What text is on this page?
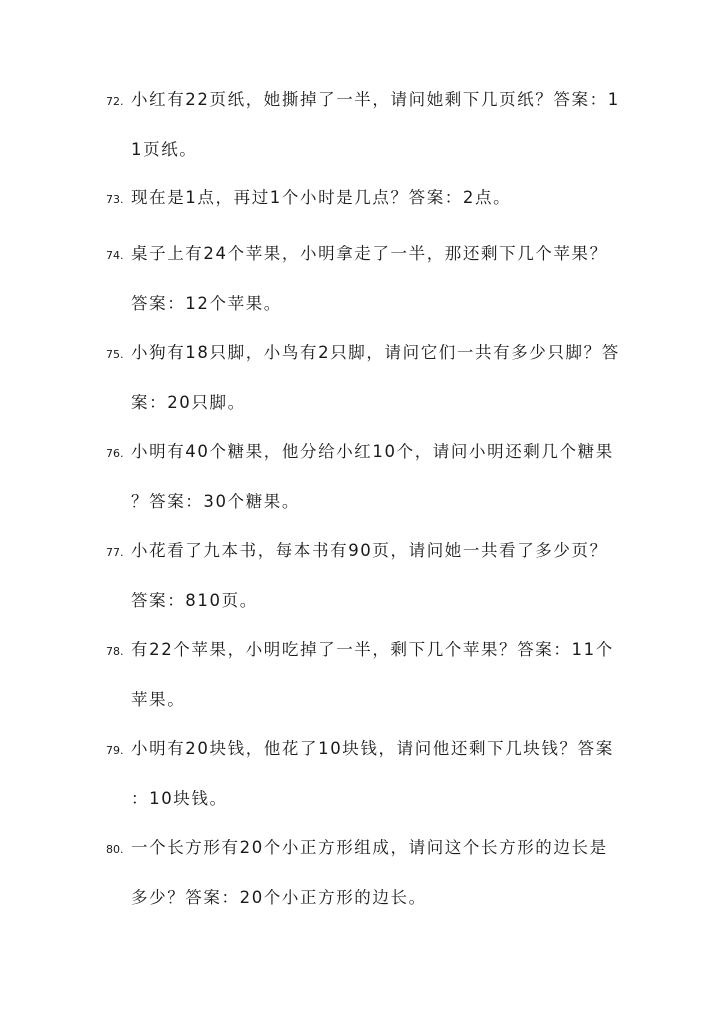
72. 小红有22页纸，她撕掉了一半，请问她剩下几页纸？答案：1
1页纸。
73. 现在是1点，再过1个小时是几点？答案：2点。
74. 桌子上有24个苹果，小明拿走了一半，那还剩下几个苹果？
答案：12个苹果。
75. 小狗有18只脚，小鸟有2只脚，请问它们一共有多少只脚？答
案：20只脚。
76. 小明有40个糖果，他分给小红10个，请问小明还剩几个糖果
？答案：30个糖果。
77. 小花看了九本书，每本书有90页，请问她一共看了多少页？
答案：810页。
78. 有22个苹果，小明吃掉了一半，剩下几个苹果？答案：11个
苹果。
79. 小明有20块钱，他花了10块钱，请问他还剩下几块钱？答案
：10块钱。
80. 一个长方形有20个小正方形组成，请问这个长方形的边长是
多少？答案：20个小正方形的边长。
